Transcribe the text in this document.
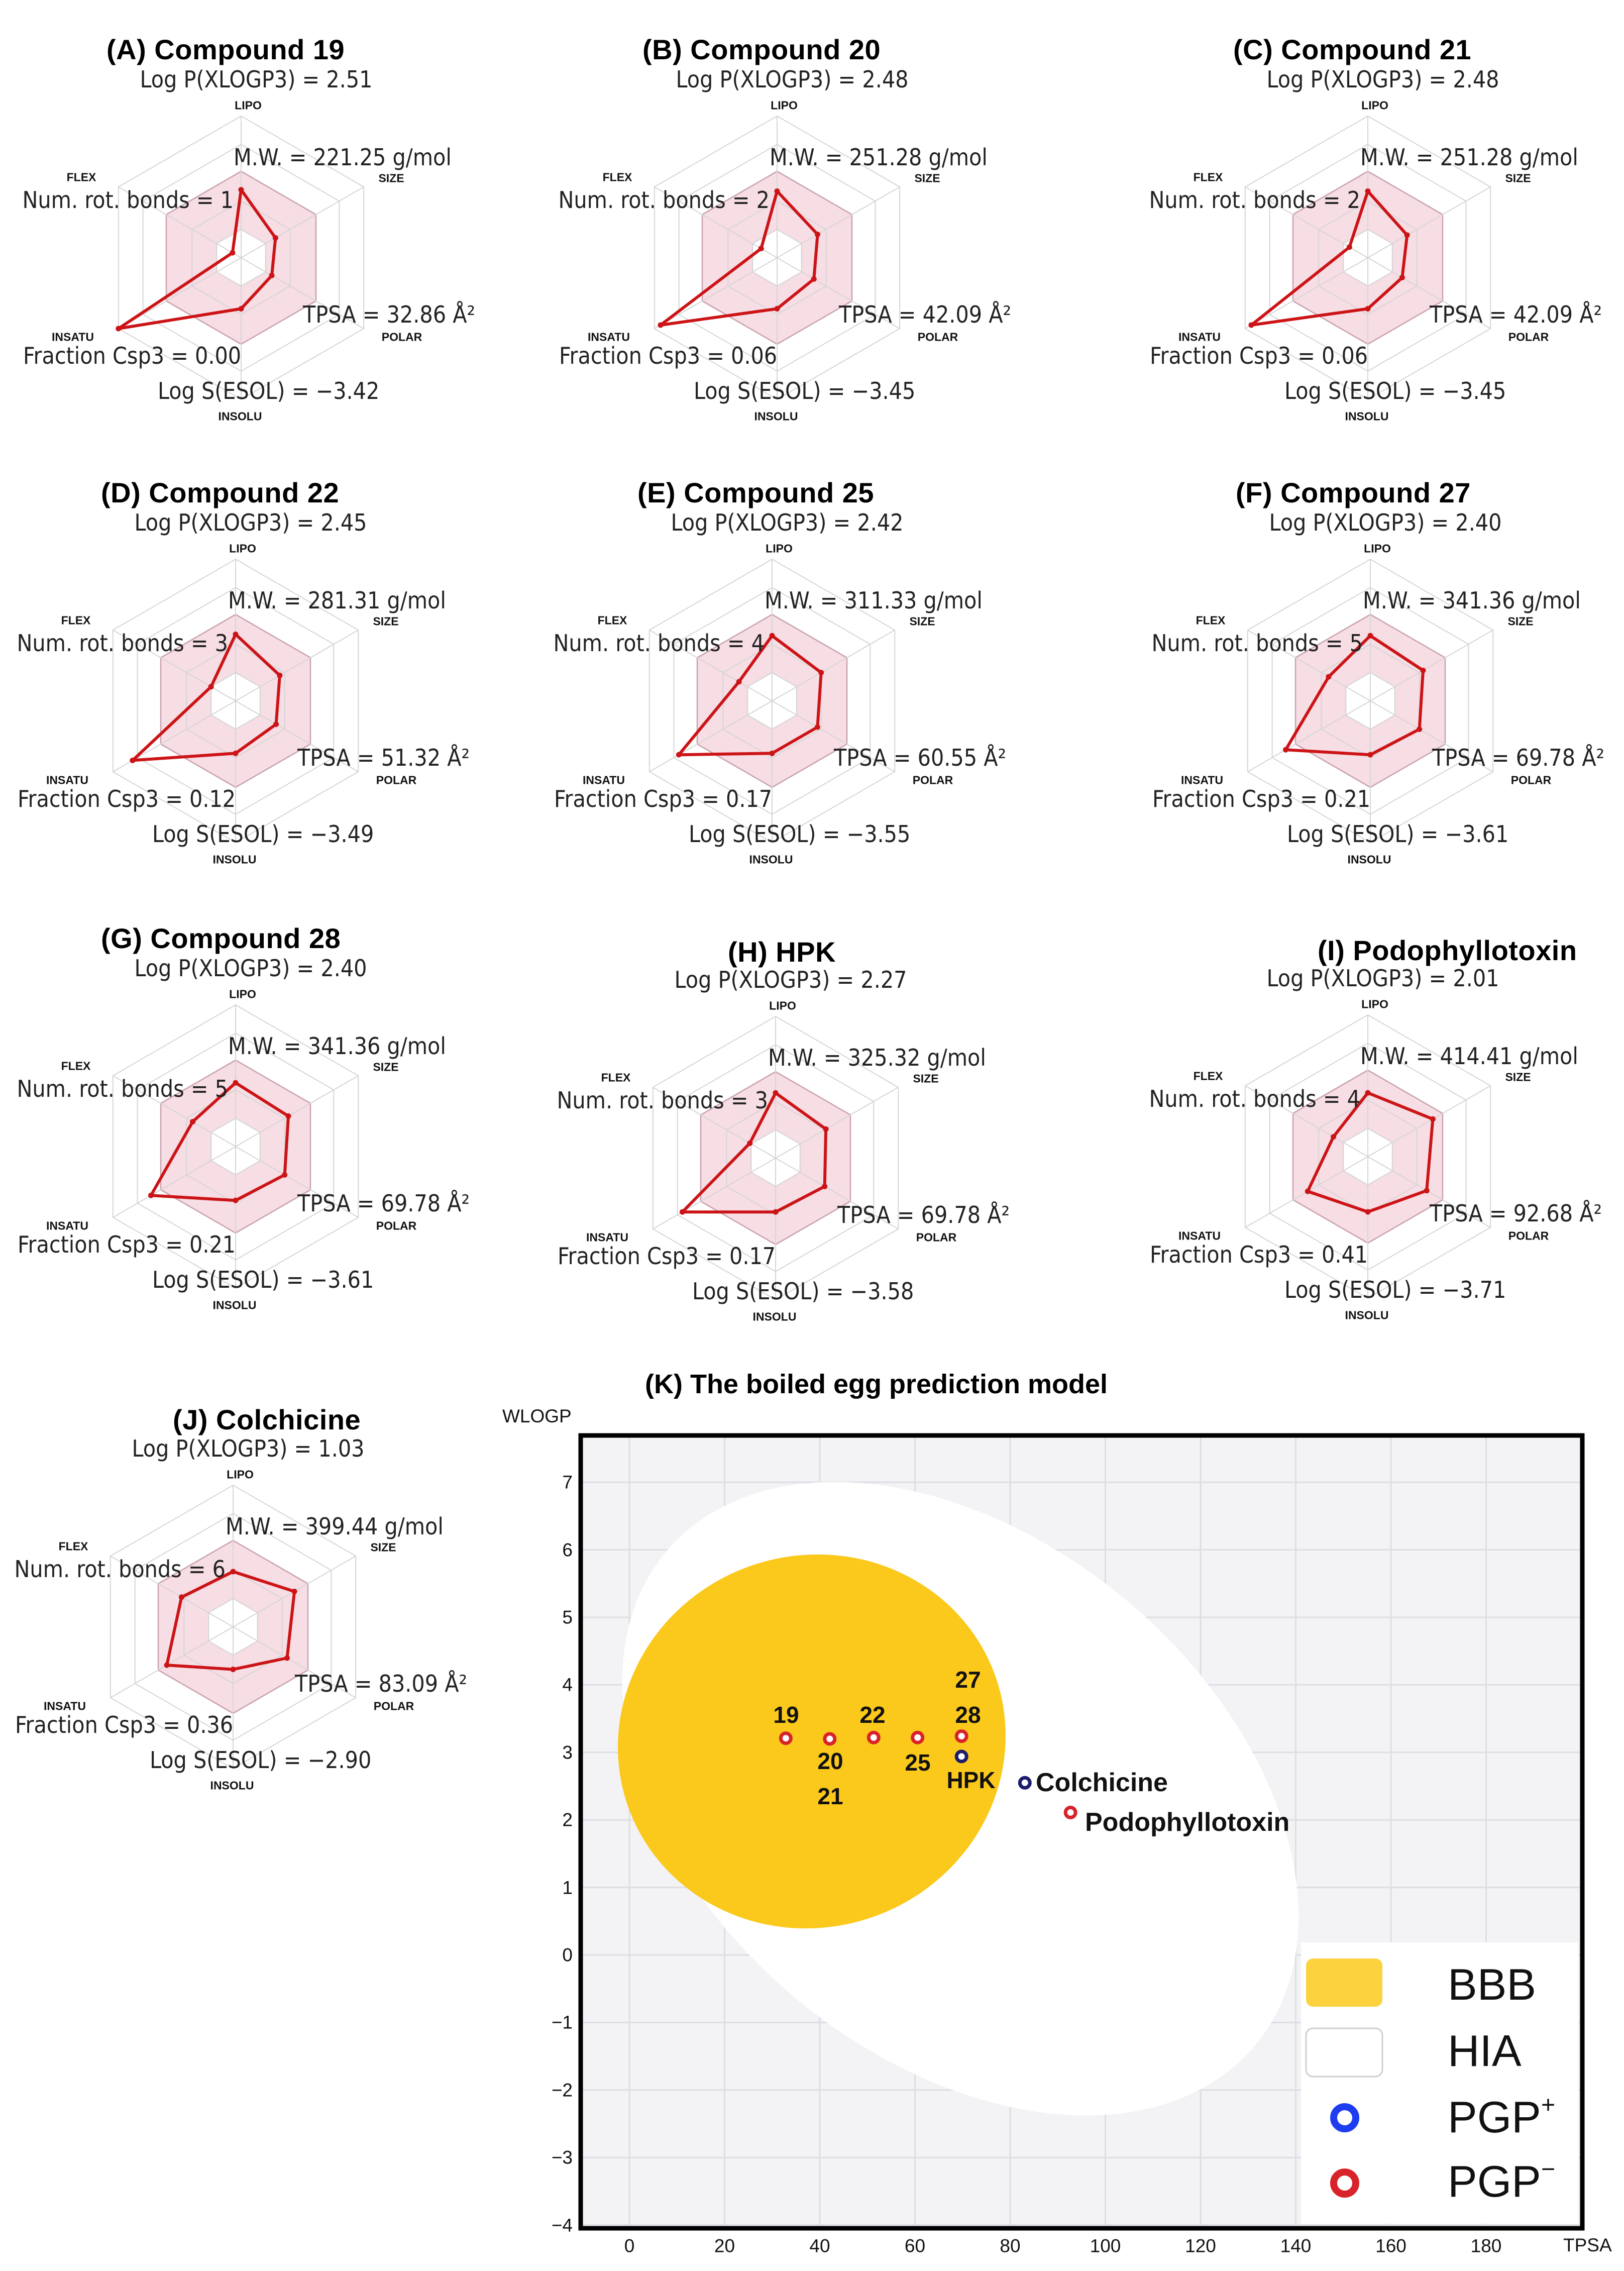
(A) Compound 19
Log P(XLOGP3) = 2.51
LIPO
M.W. = 221.25 g/mol
SIZE
FLEX
Num. rot. bonds = 1
TPSA = 32.86 Å²
POLAR
INSATU
Fraction Csp3 = 0.00
Log S(ESOL) = −3.42
INSOLU
(B) Compound 20
Log P(XLOGP3) = 2.48
LIPO
M.W. = 251.28 g/mol
SIZE
FLEX
Num. rot. bonds = 2
TPSA = 42.09 Å²
POLAR
INSATU
Fraction Csp3 = 0.06
Log S(ESOL) = −3.45
INSOLU
(C) Compound 21
Log P(XLOGP3) = 2.48
LIPO
M.W. = 251.28 g/mol
SIZE
FLEX
Num. rot. bonds = 2
TPSA = 42.09 Å²
POLAR
INSATU
Fraction Csp3 = 0.06
Log S(ESOL) = −3.45
INSOLU
(D) Compound 22
Log P(XLOGP3) = 2.45
LIPO
M.W. = 281.31 g/mol
SIZE
FLEX
Num. rot. bonds = 3
TPSA = 51.32 Å²
POLAR
INSATU
Fraction Csp3 = 0.12
Log S(ESOL) = −3.49
INSOLU
(E) Compound 25
Log P(XLOGP3) = 2.42
LIPO
M.W. = 311.33 g/mol
SIZE
FLEX
Num. rot. bonds = 4
TPSA = 60.55 Å²
POLAR
INSATU
Fraction Csp3 = 0.17
Log S(ESOL) = −3.55
INSOLU
(F) Compound 27
Log P(XLOGP3) = 2.40
LIPO
M.W. = 341.36 g/mol
SIZE
FLEX
Num. rot. bonds = 5
TPSA = 69.78 Å²
POLAR
INSATU
Fraction Csp3 = 0.21
Log S(ESOL) = −3.61
INSOLU
(G) Compound 28
Log P(XLOGP3) = 2.40
LIPO
M.W. = 341.36 g/mol
SIZE
FLEX
Num. rot. bonds = 5
TPSA = 69.78 Å²
POLAR
INSATU
Fraction Csp3 = 0.21
Log S(ESOL) = −3.61
INSOLU
(H) HPK
Log P(XLOGP3) = 2.27
LIPO
M.W. = 325.32 g/mol
SIZE
FLEX
Num. rot. bonds = 3
TPSA = 69.78 Å²
POLAR
INSATU
Fraction Csp3 = 0.17
Log S(ESOL) = −3.58
INSOLU
(I) Podophyllotoxin
Log P(XLOGP3) = 2.01
LIPO
M.W. = 414.41 g/mol
SIZE
FLEX
Num. rot. bonds = 4
TPSA = 92.68 Å²
POLAR
INSATU
Fraction Csp3 = 0.41
Log S(ESOL) = −3.71
INSOLU
(J) Colchicine
Log P(XLOGP3) = 1.03
LIPO
M.W. = 399.44 g/mol
SIZE
FLEX
Num. rot. bonds = 6
TPSA = 83.09 Å²
POLAR
INSATU
Fraction Csp3 = 0.36
Log S(ESOL) = −2.90
INSOLU
(K) The boiled egg prediction model
WLOGP
TPSA
0	20	40	60	80	100	120	140	160	180
7
6
5
4
3
2
1
0
−1
−2
−3
−4
19
20
21
22
25
27
28
HPK Colchicine
Podophyllotoxin
BBB
HIA
PGP+
PGP−
